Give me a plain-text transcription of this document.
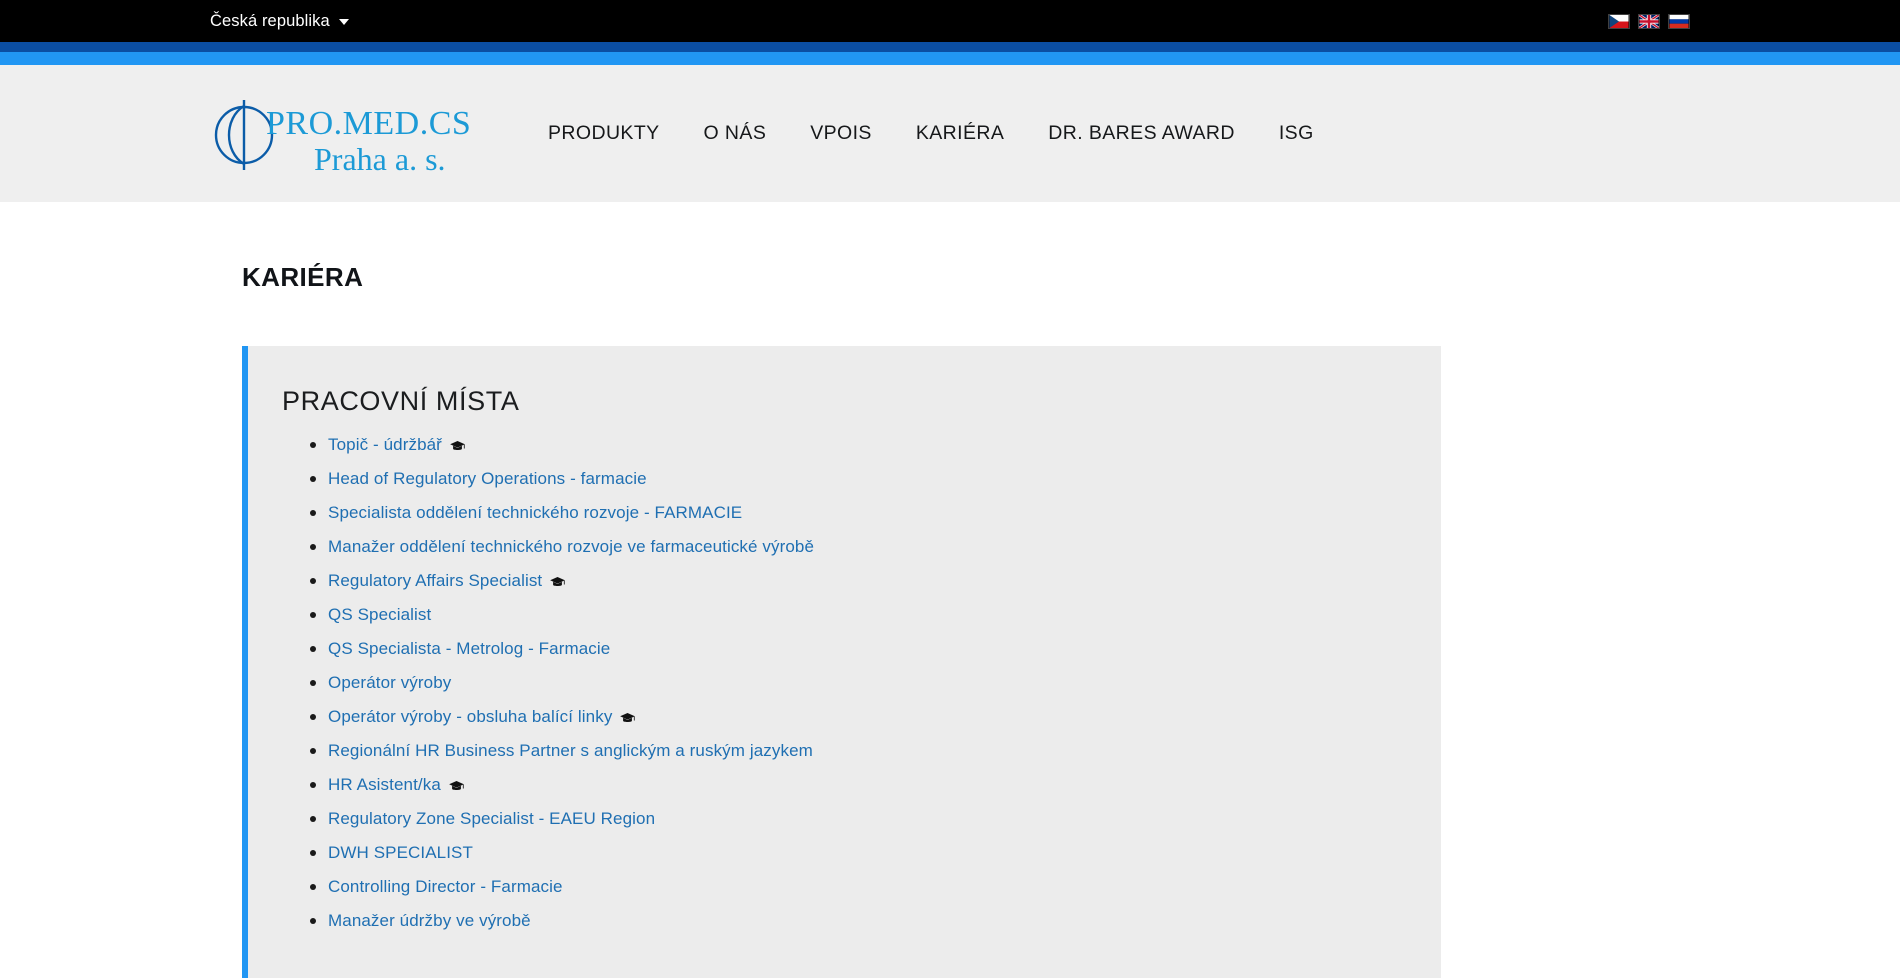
Česká republika
PRO.MED.CS
Praha a. s.
PRODUKTY	O NÁS	VPOIS	KARIÉRA	DR. BARES AWARD	ISG
KARIÉRA
PRACOVNÍ MÍSTA
Topič - údržbář
Head of Regulatory Operations - farmacie
Specialista oddělení technického rozvoje - FARMACIE
Manažer oddělení technického rozvoje ve farmaceutické výrobě
Regulatory Affairs Specialist
QS Specialist
QS Specialista - Metrolog - Farmacie
Operátor výroby
Operátor výroby - obsluha balící linky
Regionální HR Business Partner s anglickým a ruským jazykem
HR Asistent/ka
Regulatory Zone Specialist - EAEU Region
DWH SPECIALIST
Controlling Director - Farmacie
Manažer údržby ve výrobě
